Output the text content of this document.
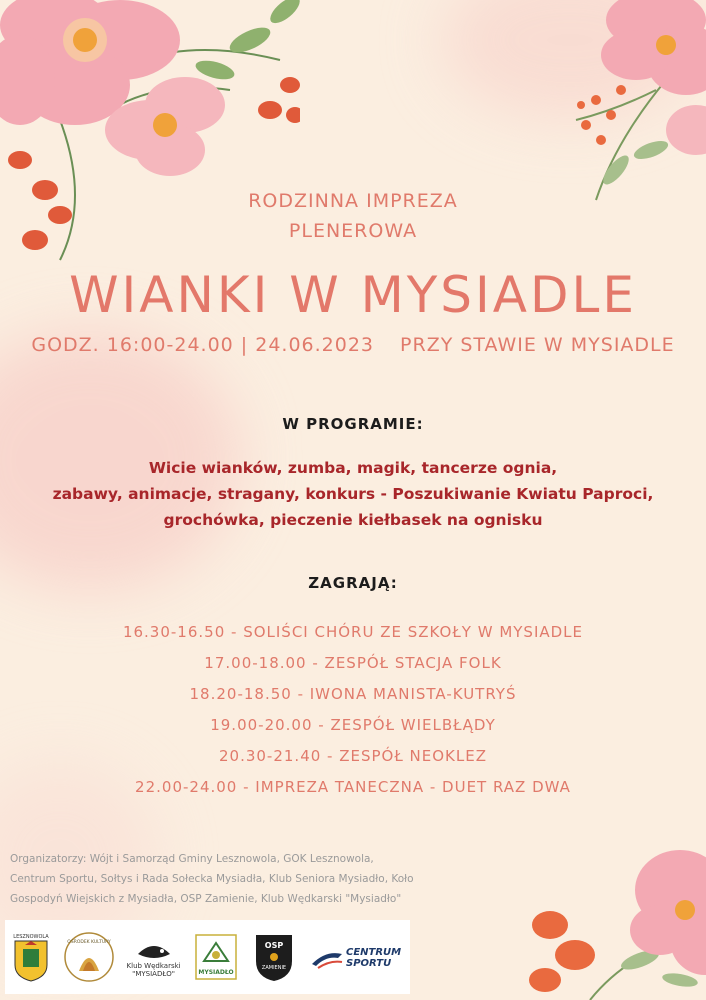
RODZINNA IMPREZA
PLENEROWA
WIANKI W MYSIADLE
GODZ. 16:00-24.00 | 24.06.2023 PRZY STAWIE W MYSIADLE
W PROGRAMIE:
Wicie wianków, zumba, magik, tancerze ognia,
zabawy, animacje, stragany, konkurs - Poszukiwanie Kwiatu Paproci,
grochówka, pieczenie kiełbasek na ognisku
ZAGRAJĄ:
16.30-16.50 - SOLIŚCI CHÓRU ZE SZKOŁY W MYSIADLE
17.00-18.00 - ZESPÓŁ STACJA FOLK
18.20-18.50 - IWONA MANISTA-KUTRYŚ
19.00-20.00 - ZESPÓŁ WIELBŁĄDY
20.30-21.40 - ZESPÓŁ NEOKLEZ
22.00-24.00 - IMPREZA TANECZNA - DUET RAZ DWA
Organizatorzy: Wójt i Samorząd Gminy Lesznowola, GOK Lesznowola,
Centrum Sportu, Sołtys i Rada Sołecka Mysiadła, Klub Seniora Mysiadło, Koło
Gospodyń Wiejskich z Mysiadła, OSP Zamienie, Klub Wędkarski "Mysiadło"
LESZNOWOLA
OŚRODEK KULTURY
Klub Wędkarski
"MYSIADŁO"	MYSIADŁO
OSP
ZAMIENIE
CENTRUM
SPORTU
